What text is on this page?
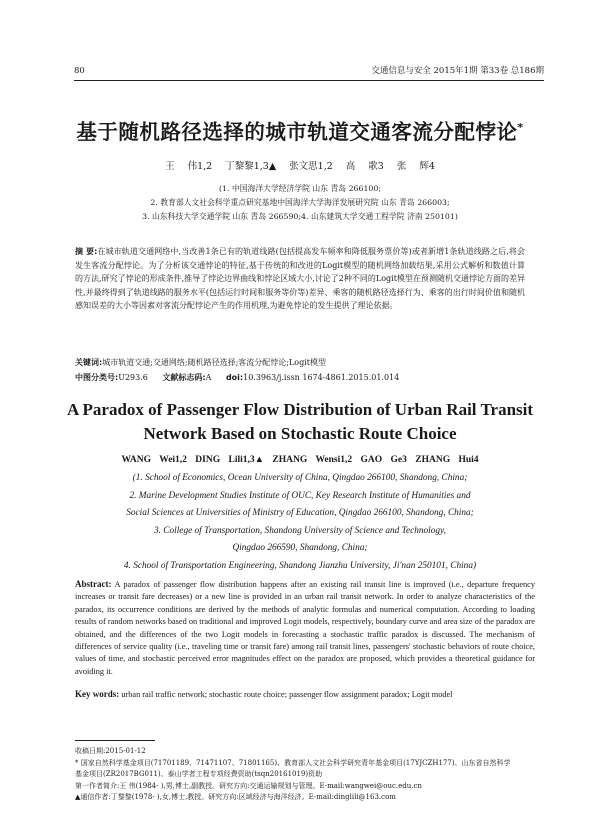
80	交通信息与安全 2015年1期 第33卷 总186期
基于随机路径选择的城市轨道交通客流分配悖论*
王 伟1,2 丁黎黎1,3▲ 张文思1,2 高 歌3 张 辉4
(1. 中国海洋大学经济学院 山东 青岛 266100;
2. 教育部人文社会科学重点研究基地中国海洋大学海洋发展研究院 山东 青岛 266003;
3. 山东科技大学交通学院 山东 青岛 266590;4. 山东建筑大学交通工程学院 济南 250101)
摘 要:在城市轨道交通网络中,当改善1条已有的轨道线路(包括提高发车频率和降低服务票价等)或者新增1条轨道线路之后,将会发生客流分配悖论。为了分析该交通悖论的特征,基于传统的和改进的Logit模型的随机网络加载结果,采用公式解析和数值计算的方法,研究了悖论的形成条件,推导了悖论边界曲线和悖论区域大小,讨论了2种不同的Logit模型在预测随机交通悖论方面的差异性,并最终得到了轨道线路的服务水平(包括运行时间和服务等价等)差异、乘客的随机路径选择行为、乘客的出行时间价值和随机感知误差的大小等因素对客流分配悖论产生的作用机理,为避免悖论的发生提供了理论依据。
关键词:城市轨道交通;交通网络;随机路径选择;客流分配悖论;Logit模型
中图分类号:U293.6 文献标志码:A doi:10.3963/j.issn 1674-4861.2015.01.014
A Paradox of Passenger Flow Distribution of Urban Rail Transit
Network Based on Stochastic Route Choice
WANG Wei1,2 DING Lili1,3▲ ZHANG Wensi1,2 GAO Ge3 ZHANG Hui4
(1. School of Economics, Ocean University of China, Qingdao 266100, Shandong, China;
2. Marine Development Studies Institute of OUC, Key Research Institute of Humanities and
Social Sciences at Universities of Ministry of Education, Qingdao 266100, Shandong, China;
3. College of Transportation, Shandong University of Science and Technology,
Qingdao 266590, Shandong, China;
4. School of Transportation Engineering, Shandong Jianzhu University, Ji'nan 250101, China)
Abstract: A paradox of passenger flow distribution happens after an existing rail transit line is improved (i.e., departure frequency increases or transit fare decreases) or a new line is provided in an urban rail transit network. In order to analyze characteristics of the paradox, its occurrence conditions are derived by the methods of analytic formulas and numerical computation. According to loading results of random networks based on traditional and improved Logit models, respectively, boundary curve and area size of the paradox are obtained, and the differences of the two Logit models in forecasting a stochastic traffic paradox is discussed. The mechanism of differences of service quality (i.e., traveling time or transit fare) among rail transit lines, passengers' stochastic behaviors of route choice, values of time, and stochastic perceived error magnitudes effect on the paradox are proposed, which provides a theoretical guidance for avoiding it.
Key words: urban rail traffic network; stochastic route choice; passenger flow assignment paradox; Logit model
收稿日期:2015-01-12
* 国家自然科学基金项目(71701189、71471107、71801165)、教育部人文社会科学研究青年基金项目(17YJCZH177)、山东省自然科学
基金项目(ZR2017BG011)、泰山学者工程专项经费资助(tsqn20161019)资助
第一作者简介:王 伟(1984- ),男,博士,副教授。研究方向:交通运输规划与管理。E-mail:wangwei@ouc.edu.cn
▲通信作者:丁黎黎(1978- ),女,博士,教授。研究方向:区域经济与海洋经济。E-mail:dinglili@163.com
